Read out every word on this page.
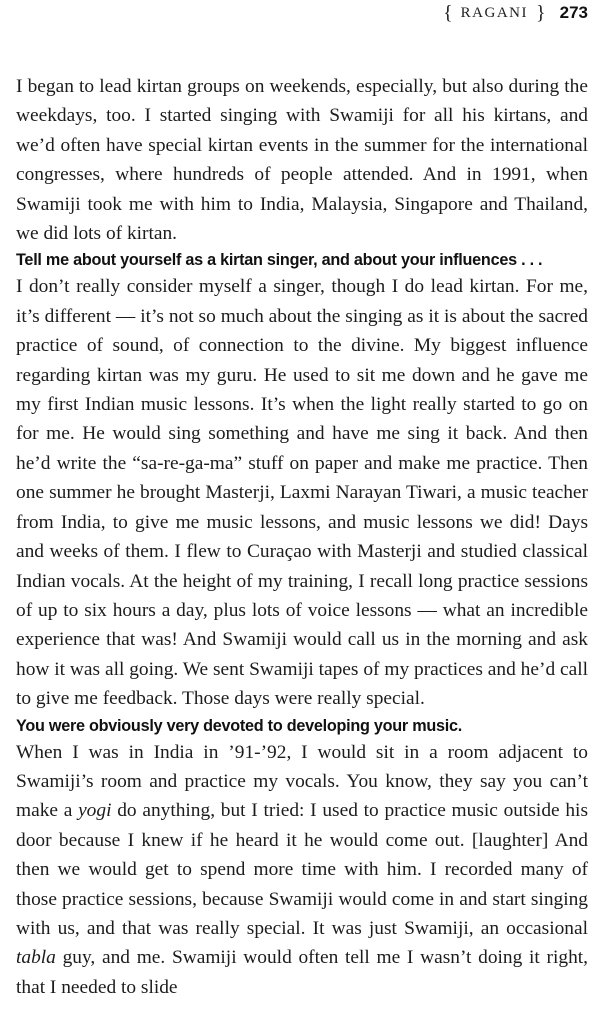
{ RAGANI } 273

I began to lead kirtan groups on weekends, especially, but also during the weekdays, too. I started singing with Swamiji for all his kirtans, and we’d often have special kirtan events in the summer for the international congresses, where hundreds of people attended. And in 1991, when Swamiji took me with him to India, Malaysia, Singapore and Thailand, we did lots of kirtan.

Tell me about yourself as a kirtan singer, and about your influences . . .

I don’t really consider myself a singer, though I do lead kirtan. For me, it’s different — it’s not so much about the singing as it is about the sacred practice of sound, of connection to the divine. My biggest influence regarding kirtan was my guru. He used to sit me down and he gave me my first Indian music lessons. It’s when the light really started to go on for me. He would sing something and have me sing it back. And then he’d write the “sa-re-ga-ma” stuff on paper and make me practice. Then one summer he brought Masterji, Laxmi Narayan Tiwari, a music teacher from India, to give me music lessons, and music lessons we did! Days and weeks of them. I flew to Curaçao with Masterji and studied classical Indian vocals. At the height of my training, I recall long practice sessions of up to six hours a day, plus lots of voice lessons — what an incredible experience that was! And Swamiji would call us in the morning and ask how it was all going. We sent Swamiji tapes of my practices and he’d call to give me feedback. Those days were really special.

You were obviously very devoted to developing your music.

When I was in India in ’91-’92, I would sit in a room adjacent to Swamiji’s room and practice my vocals. You know, they say you can’t make a yogi do anything, but I tried: I used to practice music outside his door because I knew if he heard it he would come out. [laughter] And then we would get to spend more time with him. I recorded many of those practice sessions, because Swamiji would come in and start singing with us, and that was really special. It was just Swamiji, an occasional tabla guy, and me. Swamiji would often tell me I wasn’t doing it right, that I needed to slide
